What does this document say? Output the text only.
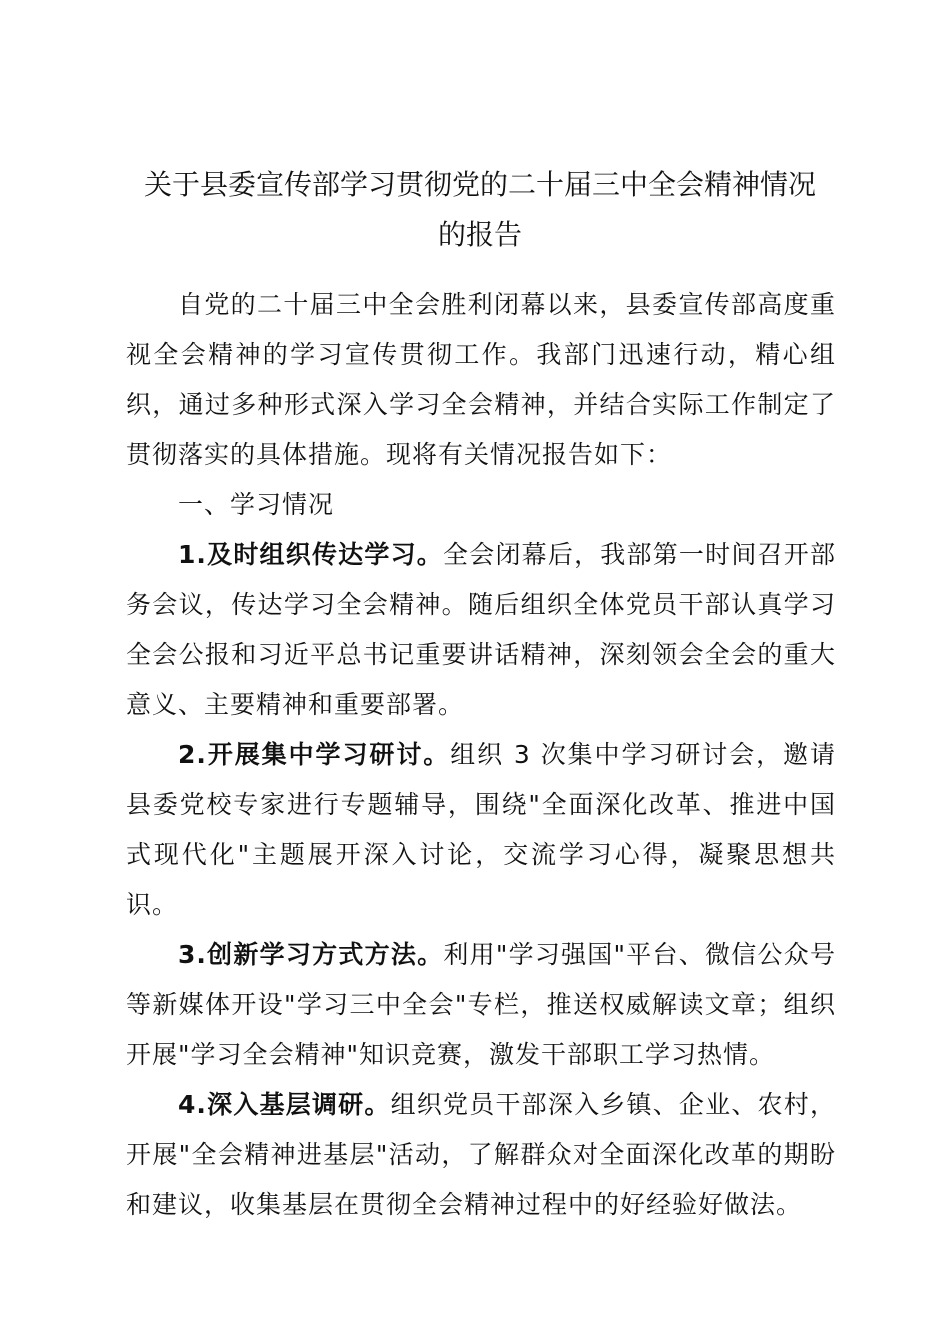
关于县委宣传部学习贯彻党的二十届三中全会精神情况
的报告

自党的二十届三中全会胜利闭幕以来，县委宣传部高度重视全会精神的学习宣传贯彻工作。我部门迅速行动，精心组织，通过多种形式深入学习全会精神，并结合实际工作制定了贯彻落实的具体措施。现将有关情况报告如下：

一、学习情况

1.及时组织传达学习。全会闭幕后，我部第一时间召开部务会议，传达学习全会精神。随后组织全体党员干部认真学习全会公报和习近平总书记重要讲话精神，深刻领会全会的重大意义、主要精神和重要部署。

2.开展集中学习研讨。组织 3 次集中学习研讨会，邀请县委党校专家进行专题辅导，围绕"全面深化改革、推进中国式现代化"主题展开深入讨论，交流学习心得，凝聚思想共识。

3.创新学习方式方法。利用"学习强国"平台、微信公众号等新媒体开设"学习三中全会"专栏，推送权威解读文章；组织开展"学习全会精神"知识竞赛，激发干部职工学习热情。

4.深入基层调研。组织党员干部深入乡镇、企业、农村，开展"全会精神进基层"活动，了解群众对全面深化改革的期盼和建议，收集基层在贯彻全会精神过程中的好经验好做法。
